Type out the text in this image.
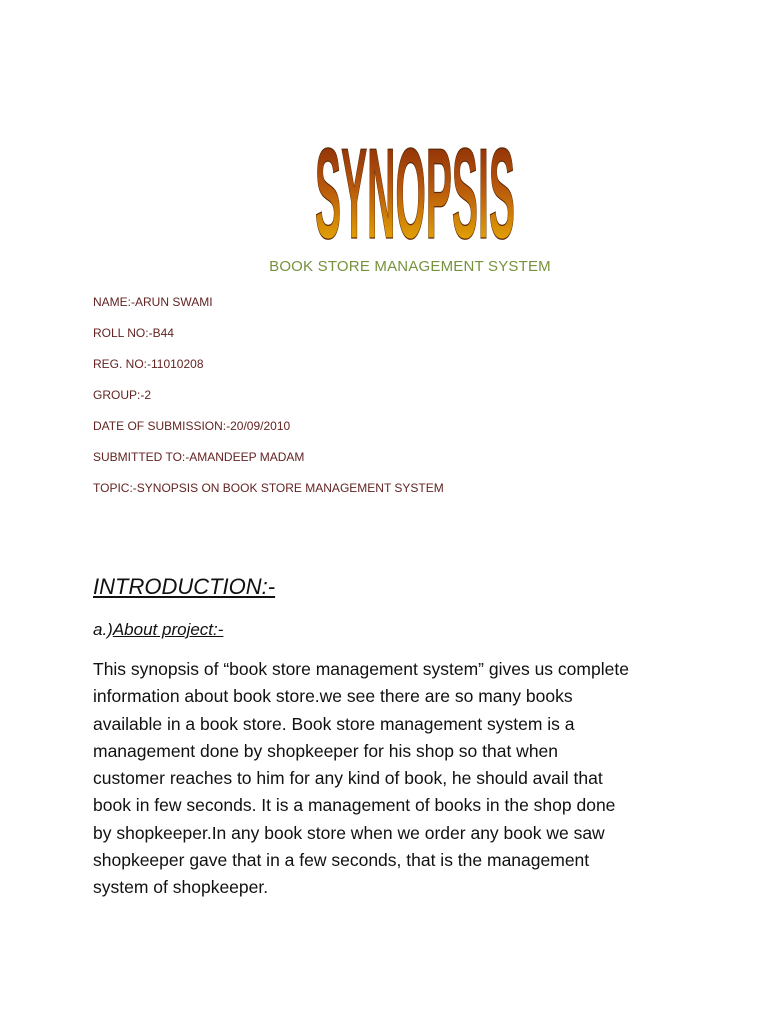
SYNOPSIS
BOOK STORE MANAGEMENT SYSTEM
NAME:-ARUN SWAMI
ROLL NO:-B44
REG. NO:-11010208
GROUP:-2
DATE OF SUBMISSION:-20/09/2010
SUBMITTED TO:-AMANDEEP MADAM
TOPIC:-SYNOPSIS ON BOOK STORE MANAGEMENT SYSTEM
INTRODUCTION:-
a.)About project:-

This synopsis of “book store management system” gives us complete
information about book store.we see there are so many books
available in a book store. Book store management system is a
management done by shopkeeper for his shop so that when
customer reaches to him for any kind of book, he should avail that
book in few seconds. It is a management of books in the shop done
by shopkeeper.In any book store when we order any book we saw
shopkeeper gave that in a few seconds, that is the management
system of shopkeeper.
